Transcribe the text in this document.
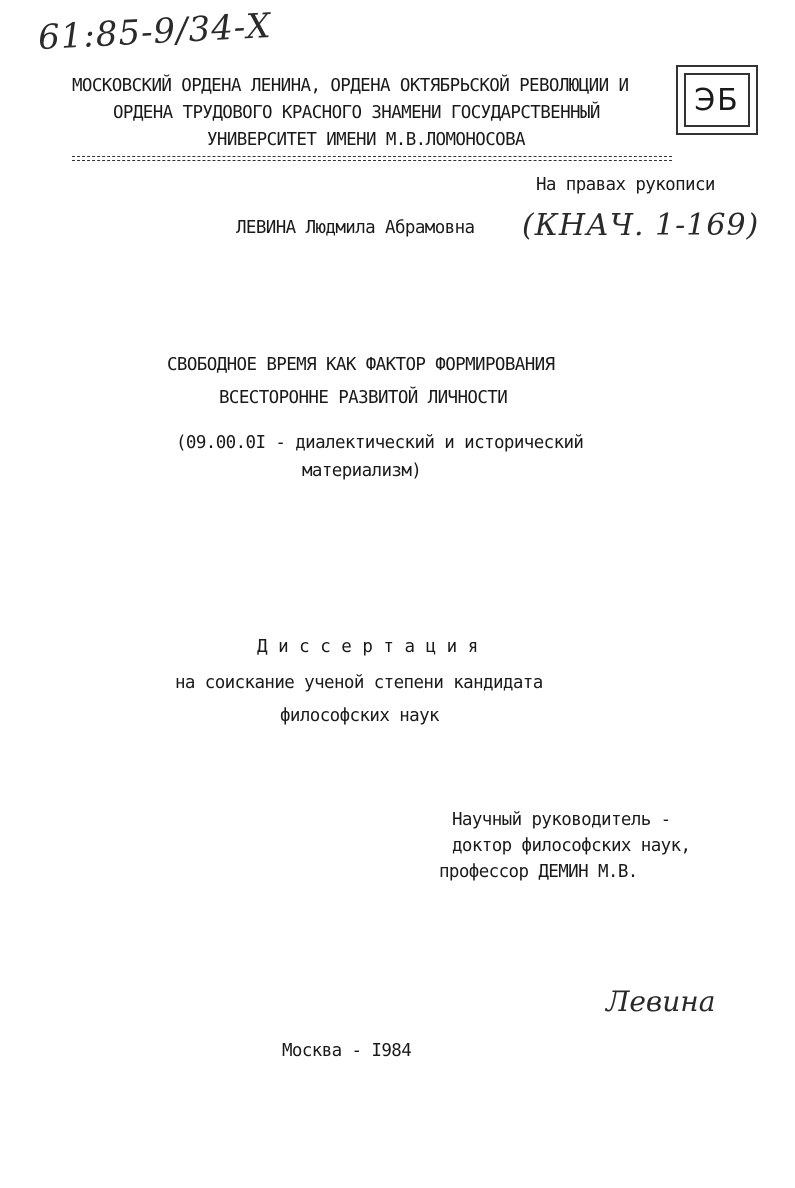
61:85-9/34-Х
ЭБ
МОСКОВСКИЙ ОРДЕНА ЛЕНИНА, ОРДЕНА ОКТЯБРЬСКОЙ РЕВОЛЮЦИИ И
ОРДЕНА ТРУДОВОГО КРАСНОГО ЗНАМЕНИ ГОСУДАРСТВЕННЫЙ
УНИВЕРСИТЕТ ИМЕНИ М.В.ЛОМОНОСОВА
На правах рукописи
ЛЕВИНА Людмила Абрамовна (КНАЧ. 1-169)
СВОБОДНОЕ ВРЕМЯ КАК ФАКТОР ФОРМИРОВАНИЯ
ВСЕСТОРОННЕ РАЗВИТОЙ ЛИЧНОСТИ
(09.00.0I - диалектический и исторический
материализм)
Д и с с е р т а ц и я
на соискание ученой степени кандидата
философских наук
Научный руководитель -
доктор философских наук,
профессор ДЕМИН М.В.
Левина
Москва - I984
